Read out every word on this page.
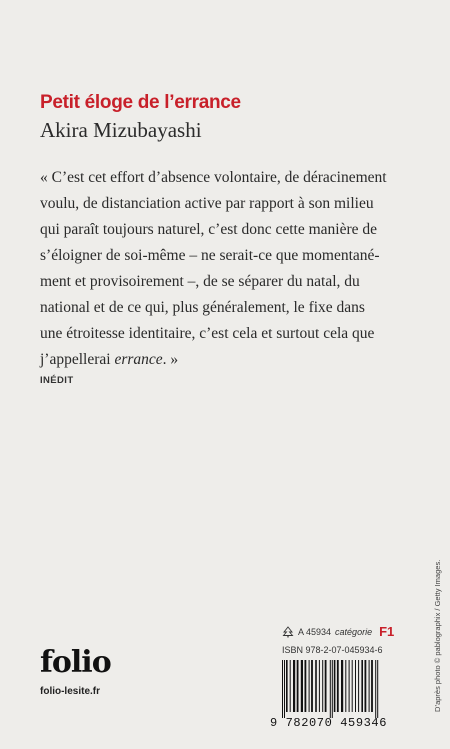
Petit éloge de l’errance
Akira Mizubayashi

« C’est cet effort d’absence volontaire, de déracinement

voulu, de distanciation active par rapport à son milieu

qui paraît toujours naturel, c’est donc cette manière de

s’éloigner de soi-même – ne serait-ce que momentané-

ment et provisoirement –, de se séparer du natal, du

national et de ce qui, plus généralement, le fixe dans

une étroitesse identitaire, c’est cela et surtout cela que

j’appellerai errance. »

INÉDIT
D’après photo © pablographix / Getty Images.
A 45934 catégorie F1
ISBN 978-2-07-045934-6
9 782070 459346
folio
folio-lesite.fr
